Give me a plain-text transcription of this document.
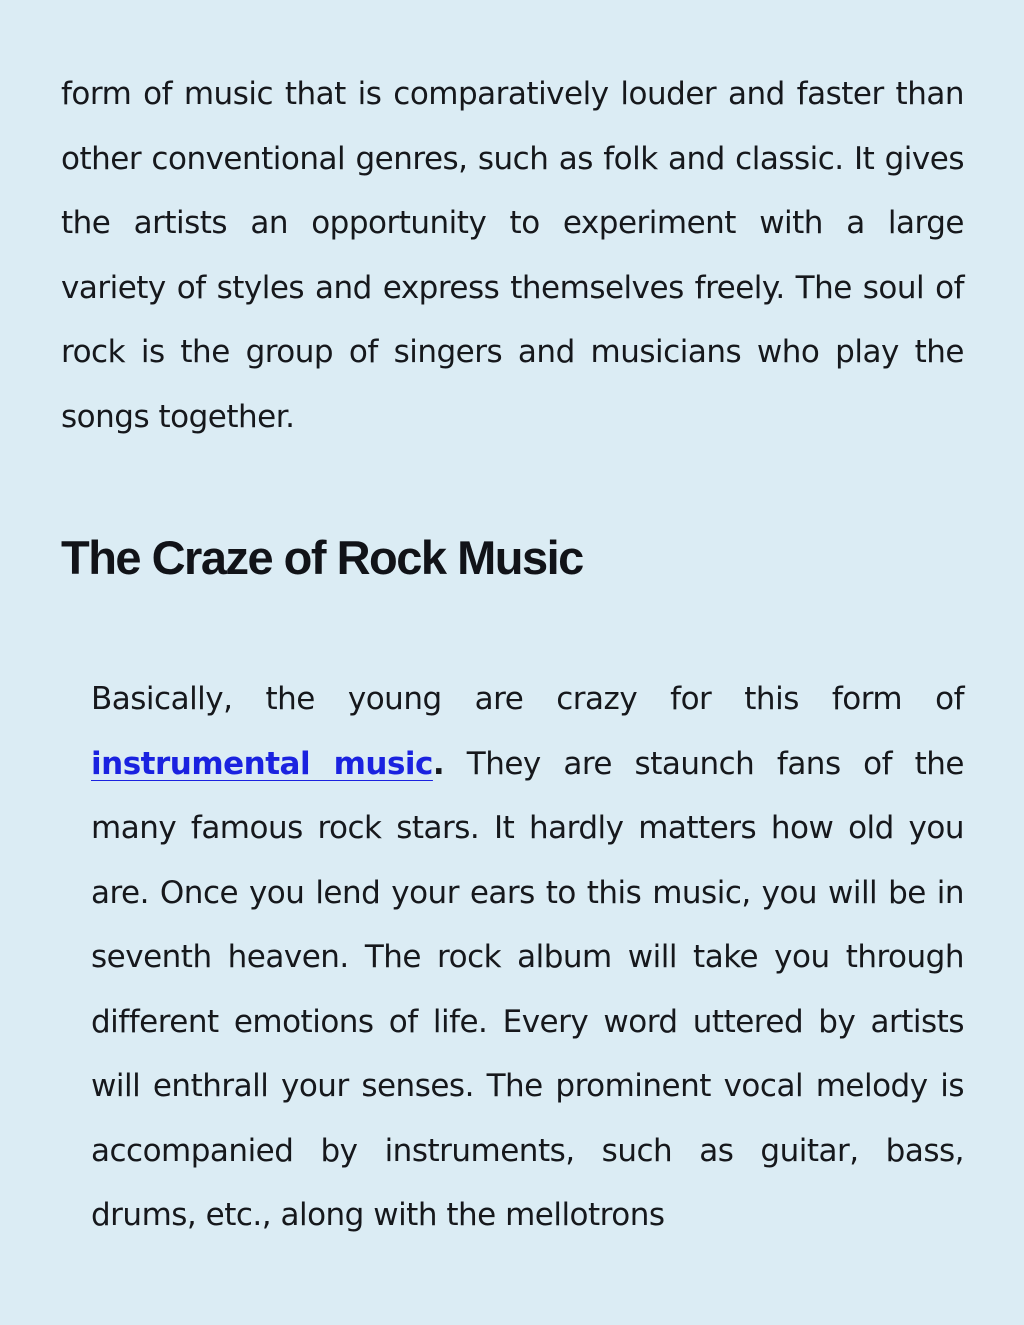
form of music that is comparatively louder and faster than other conventional genres, such as folk and classic. It gives the artists an opportunity to experiment with a large variety of styles and express themselves freely. The soul of rock is the group of singers and musicians who play the songs together.

The Craze of Rock Music

Basically, the young are crazy for this form of instrumental music. They are staunch fans of the many famous rock stars. It hardly matters how old you are. Once you lend your ears to this music, you will be in seventh heaven. The rock album will take you through different emotions of life. Every word uttered by artists will enthrall your senses. The prominent vocal melody is accompanied by instruments, such as guitar, bass, drums, etc., along with the mellotrons
